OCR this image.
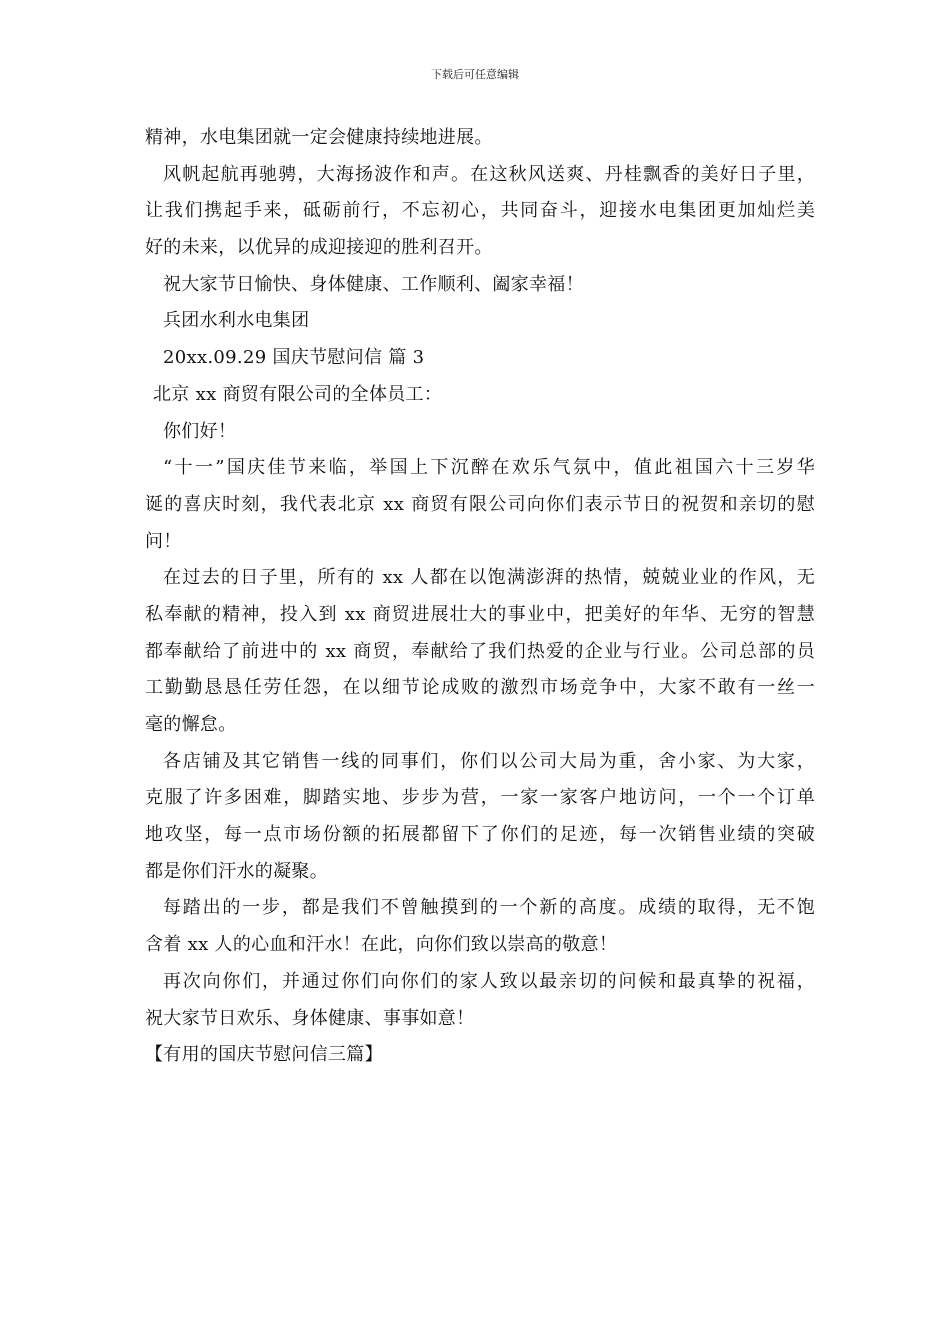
下载后可任意编辑
精神，水电集团就一定会健康持续地进展。
风帆起航再驰骋，大海扬波作和声。在这秋风送爽、丹桂飘香的美好日子里，
让我们携起手来，砥砺前行，不忘初心，共同奋斗，迎接水电集团更加灿烂美
好的未来，以优异的成迎接迎的胜利召开。
祝大家节日愉快、身体健康、工作顺利、阖家幸福！
兵团水利水电集团
20xx.09.29 国庆节慰问信 篇 3
北京 xx 商贸有限公司的全体员工：
你们好！
“十一”国庆佳节来临，举国上下沉醉在欢乐气氛中，值此祖国六十三岁华
诞的喜庆时刻，我代表北京 xx 商贸有限公司向你们表示节日的祝贺和亲切的慰
问！
在过去的日子里，所有的 xx 人都在以饱满澎湃的热情，兢兢业业的作风，无
私奉献的精神，投入到 xx 商贸进展壮大的事业中，把美好的年华、无穷的智慧
都奉献给了前进中的 xx 商贸，奉献给了我们热爱的企业与行业。公司总部的员
工勤勤恳恳任劳任怨，在以细节论成败的激烈市场竞争中，大家不敢有一丝一
毫的懈怠。
各店铺及其它销售一线的同事们，你们以公司大局为重，舍小家、为大家，
克服了许多困难，脚踏实地、步步为营，一家一家客户地访问，一个一个订单
地攻坚，每一点市场份额的拓展都留下了你们的足迹，每一次销售业绩的突破
都是你们汗水的凝聚。
每踏出的一步，都是我们不曾触摸到的一个新的高度。成绩的取得，无不饱
含着 xx 人的心血和汗水！在此，向你们致以崇高的敬意！
再次向你们，并通过你们向你们的家人致以最亲切的问候和最真挚的祝福，
祝大家节日欢乐、身体健康、事事如意！
【有用的国庆节慰问信三篇】
